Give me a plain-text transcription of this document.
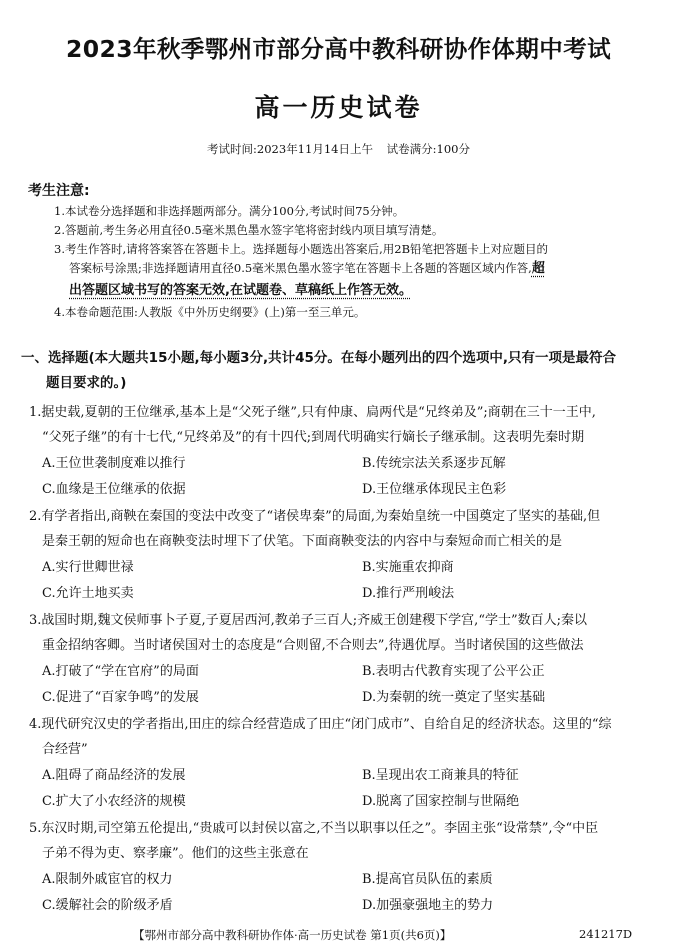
2023年秋季鄂州市部分高中教科研协作体期中考试
高一历史试卷
考试时间:2023年11月14日上午 试卷满分:100分
考生注意:
1.本试卷分选择题和非选择题两部分。满分100分,考试时间75分钟。
2.答题前,考生务必用直径0.5毫米黑色墨水签字笔将密封线内项目填写清楚。
3.考生作答时,请将答案答在答题卡上。选择题每小题选出答案后,用2B铅笔把答题卡上对应题目的
答案标号涂黑;非选择题请用直径0.5毫米黑色墨水签字笔在答题卡上各题的答题区域内作答,超
出答题区域书写的答案无效,在试题卷、草稿纸上作答无效。
4.本卷命题范围:人教版《中外历史纲要》(上)第一至三单元。
一、选择题(本大题共15小题,每小题3分,共计45分。在每小题列出的四个选项中,只有一项是最符合
题目要求的。)
1.据史载,夏朝的王位继承,基本上是“父死子继”,只有仲康、扃两代是“兄终弟及”;商朝在三十一王中,
“父死子继”的有十七代,“兄终弟及”的有十四代;到周代明确实行嫡长子继承制。这表明先秦时期
A.王位世袭制度难以推行	B.传统宗法关系逐步瓦解
C.血缘是王位继承的依据	D.王位继承体现民主色彩
2.有学者指出,商鞅在秦国的变法中改变了“诸侯卑秦”的局面,为秦始皇统一中国奠定了坚实的基础,但
是秦王朝的短命也在商鞅变法时埋下了伏笔。下面商鞅变法的内容中与秦短命而亡相关的是
A.实行世卿世禄	B.实施重农抑商
C.允许土地买卖	D.推行严刑峻法
3.战国时期,魏文侯师事卜子夏,子夏居西河,教弟子三百人;齐威王创建稷下学宫,“学士”数百人;秦以
重金招纳客卿。当时诸侯国对士的态度是“合则留,不合则去”,待遇优厚。当时诸侯国的这些做法
A.打破了“学在官府”的局面	B.表明古代教育实现了公平公正
C.促进了“百家争鸣”的发展	D.为秦朝的统一奠定了坚实基础
4.现代研究汉史的学者指出,田庄的综合经营造成了田庄“闭门成市”、自给自足的经济状态。这里的“综
合经营”
A.阻碍了商品经济的发展	B.呈现出农工商兼具的特征
C.扩大了小农经济的规模	D.脱离了国家控制与世隔绝
5.东汉时期,司空第五伦提出,“贵戚可以封侯以富之,不当以职事以任之”。李固主张“设常禁”,令“中臣
子弟不得为吏、察孝廉”。他们的这些主张意在
A.限制外戚宦官的权力	B.提高官员队伍的素质
C.缓解社会的阶级矛盾	D.加强豪强地主的势力
【鄂州市部分高中教科研协作体·高一历史试卷 第1页(共6页)】	241217D
